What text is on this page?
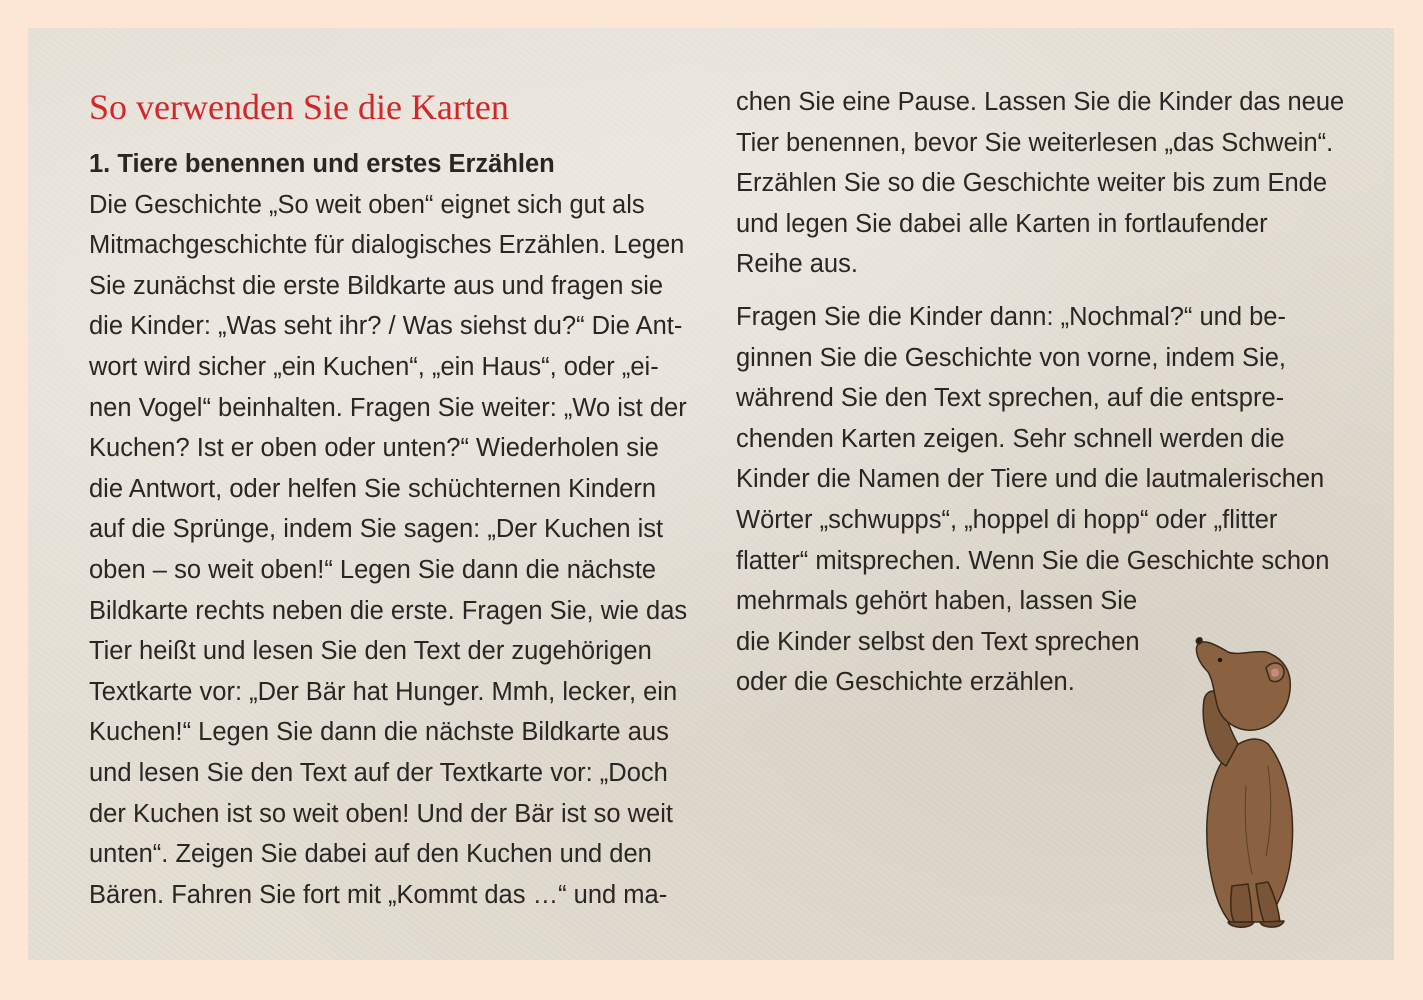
So verwenden Sie die Karten
1. Tiere benennen und erstes Erzählen
Die Geschichte „So weit oben“ eignet sich gut als
Mitmachgeschichte für dialogisches Erzählen. Legen
Sie zunächst die erste Bildkarte aus und fragen sie
die Kinder: „Was seht ihr? / Was siehst du?“ Die Ant-
wort wird sicher „ein Kuchen“, „ein Haus“, oder „ei-
nen Vogel“ beinhalten. Fragen Sie weiter: „Wo ist der
Kuchen? Ist er oben oder unten?“ Wiederholen sie
die Antwort, oder helfen Sie schüchternen Kindern
auf die Sprünge, indem Sie sagen: „Der Kuchen ist
oben – so weit oben!“ Legen Sie dann die nächste
Bildkarte rechts neben die erste. Fragen Sie, wie das
Tier heißt und lesen Sie den Text der zugehörigen
Textkarte vor: „Der Bär hat Hunger. Mmh, lecker, ein
Kuchen!“ Legen Sie dann die nächste Bildkarte aus
und lesen Sie den Text auf der Textkarte vor: „Doch
der Kuchen ist so weit oben! Und der Bär ist so weit
unten“. Zeigen Sie dabei auf den Kuchen und den
Bären. Fahren Sie fort mit „Kommt das …“ und ma-
chen Sie eine Pause. Lassen Sie die Kinder das neue
Tier benennen, bevor Sie weiterlesen „das Schwein“.
Erzählen Sie so die Geschichte weiter bis zum Ende
und legen Sie dabei alle Karten in fortlaufender
Reihe aus.
Fragen Sie die Kinder dann: „Nochmal?“ und be-
ginnen Sie die Geschichte von vorne, indem Sie,
während Sie den Text sprechen, auf die entspre-
chenden Karten zeigen. Sehr schnell werden die
Kinder die Namen der Tiere und die lautmalerischen
Wörter „schwupps“, „hoppel di hopp“ oder „flitter
flatter“ mitsprechen. Wenn Sie die Geschichte schon
mehrmals gehört haben, lassen Sie
die Kinder selbst den Text sprechen
oder die Geschichte erzählen.
